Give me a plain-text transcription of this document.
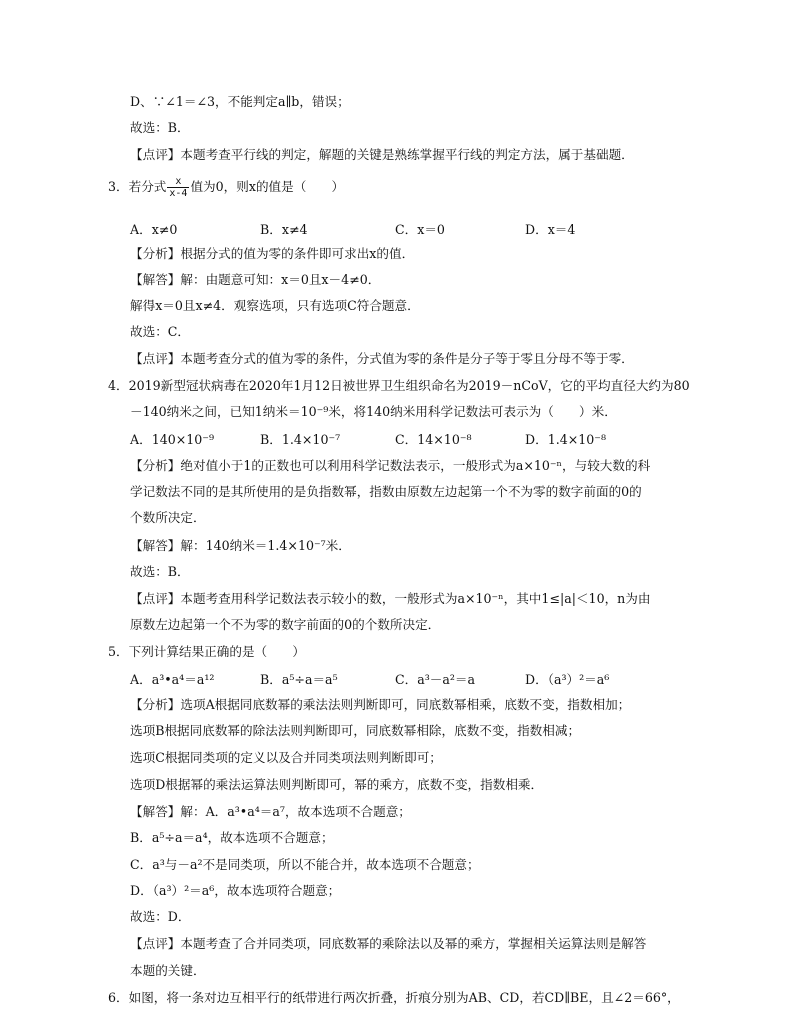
D、∵∠1＝∠3，不能判定a∥b，错误；
故选：B．
【点评】本题考查平行线的判定，解题的关键是熟练掌握平行线的判定方法，属于基础题．
3．若分式 $\frac{x}{x-4}$ 值为0，则x的值是（　　）
A．x≠0	B．x≠4	C．x＝0	D．x＝4
【分析】根据分式的值为零的条件即可求出x的值．
【解答】解：由题意可知：x＝0且x－4≠0．
解得x＝0且x≠4．观察选项，只有选项C符合题意．
故选：C．
【点评】本题考查分式的值为零的条件，分式值为零的条件是分子等于零且分母不等于零．
4．2019新型冠状病毒在2020年1月12日被世界卫生组织命名为2019－nCoV，它的平均直径大约为80
－140纳米之间，已知1纳米＝10⁻⁹米，将140纳米用科学记数法可表示为（　　）米．
A．140×10⁻⁹	B．1.4×10⁻⁷	C．14×10⁻⁸	D．1.4×10⁻⁸
【分析】绝对值小于1的正数也可以利用科学记数法表示，一般形式为a×10⁻ⁿ，与较大数的科
学记数法不同的是其所使用的是负指数幂，指数由原数左边起第一个不为零的数字前面的0的
个数所决定．
【解答】解：140纳米＝1.4×10⁻⁷米．
故选：B．
【点评】本题考查用科学记数法表示较小的数，一般形式为a×10⁻ⁿ，其中1≤|a|＜10，n为由
原数左边起第一个不为零的数字前面的0的个数所决定．
5．下列计算结果正确的是（　　）
A．a³•a⁴＝a¹²	B．a⁵÷a＝a⁵	C．a³－a²＝a	D．（a³）²＝a⁶
【分析】选项A根据同底数幂的乘法法则判断即可，同底数幂相乘，底数不变，指数相加；
选项B根据同底数幂的除法法则判断即可，同底数幂相除，底数不变，指数相减；
选项C根据同类项的定义以及合并同类项法则判断即可；
选项D根据幂的乘法运算法则判断即可，幂的乘方，底数不变，指数相乘．
【解答】解：A．a³•a⁴＝a⁷，故本选项不合题意；
B．a⁵÷a＝a⁴，故本选项不合题意；
C．a³与－a²不是同类项，所以不能合并，故本选项不合题意；
D．（a³）²＝a⁶，故本选项符合题意；
故选：D．
【点评】本题考查了合并同类项，同底数幂的乘除法以及幂的乘方，掌握相关运算法则是解答
本题的关键．
6．如图，将一条对边互相平行的纸带进行两次折叠，折痕分别为AB、CD，若CD∥BE，且∠2＝66°，
